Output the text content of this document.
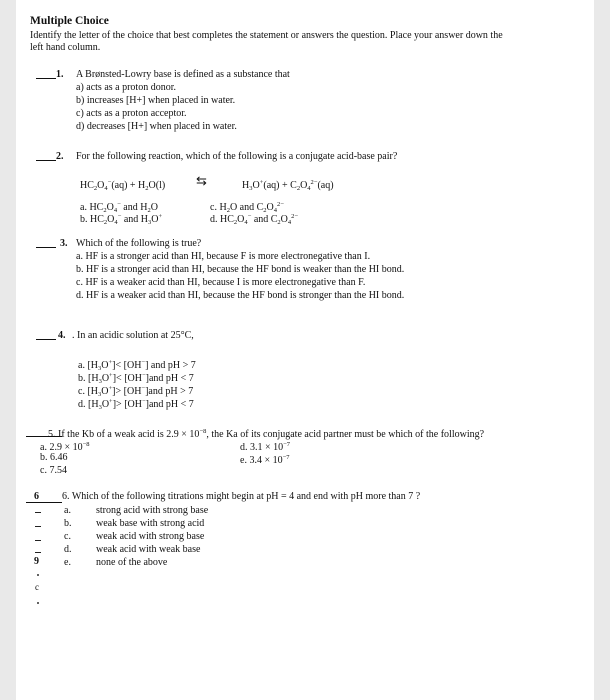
Multiple Choice
Identify the letter of the choice that best completes the statement or answers the question. Place your answer down the
left hand column.
1. A Brønsted-Lowry base is defined as a substance that
a) acts as a proton donor.
b) increases [H+] when placed in water.
c) acts as a proton acceptor.
d) decreases [H+] when placed in water.
2. For the following reaction, which of the following is a conjugate acid-base pair?
$HC_2O_4^-(aq) + H_2O(l)$ ⇆	$H_3O^+(aq) + C_2O_4^{2-}(aq)$
a. $HC_2O_4^-$ and $H_2O$
b. $HC_2O_4^-$ and $H_3O^+$
c. $H_2O$ and $C_2O_4^{2-}$
d. $HC_2O_4^-$ and $C_2O_4^{2-}$
3. Which of the following is true?
a. HF is a stronger acid than HI, because F is more electronegative than I.
b. HF is a stronger acid than HI, because the HF bond is weaker than the HI bond.
c. HF is a weaker acid than HI, because I is more electronegative than F.
d. HF is a weaker acid than HI, because the HF bond is stronger than the HI bond.
4. . In an acidic solution at 25°C,
a. $[H_3O^+]< [OH^-]$ and pH > 7
b. $[H_3O^+]< [OH^-]and$ pH < 7
c. $[H_3O^+]> [OH^-]and$ pH > 7
d. $[H_3O^+]> [OH^-]and$ pH < 7
5. If the Kb of a weak acid is $2.9 \times 10^{-8}$, the Ka of its conjugate acid partner must be which of the following?
a. $2.9 \times 10^{-8}$
b. 6.46
c. 7.54
d. $3.1 \times 10^{-7}$
e. $3.4 \times 10^{-7}$
6 6. Which of the following titrations might begin at pH = 4 and end with pH more than 7 ?
a.
b.
c.
d.
e.
strong acid with strong base
weak base with strong acid
weak acid with strong base
weak acid with weak base
none of the above
9
c
